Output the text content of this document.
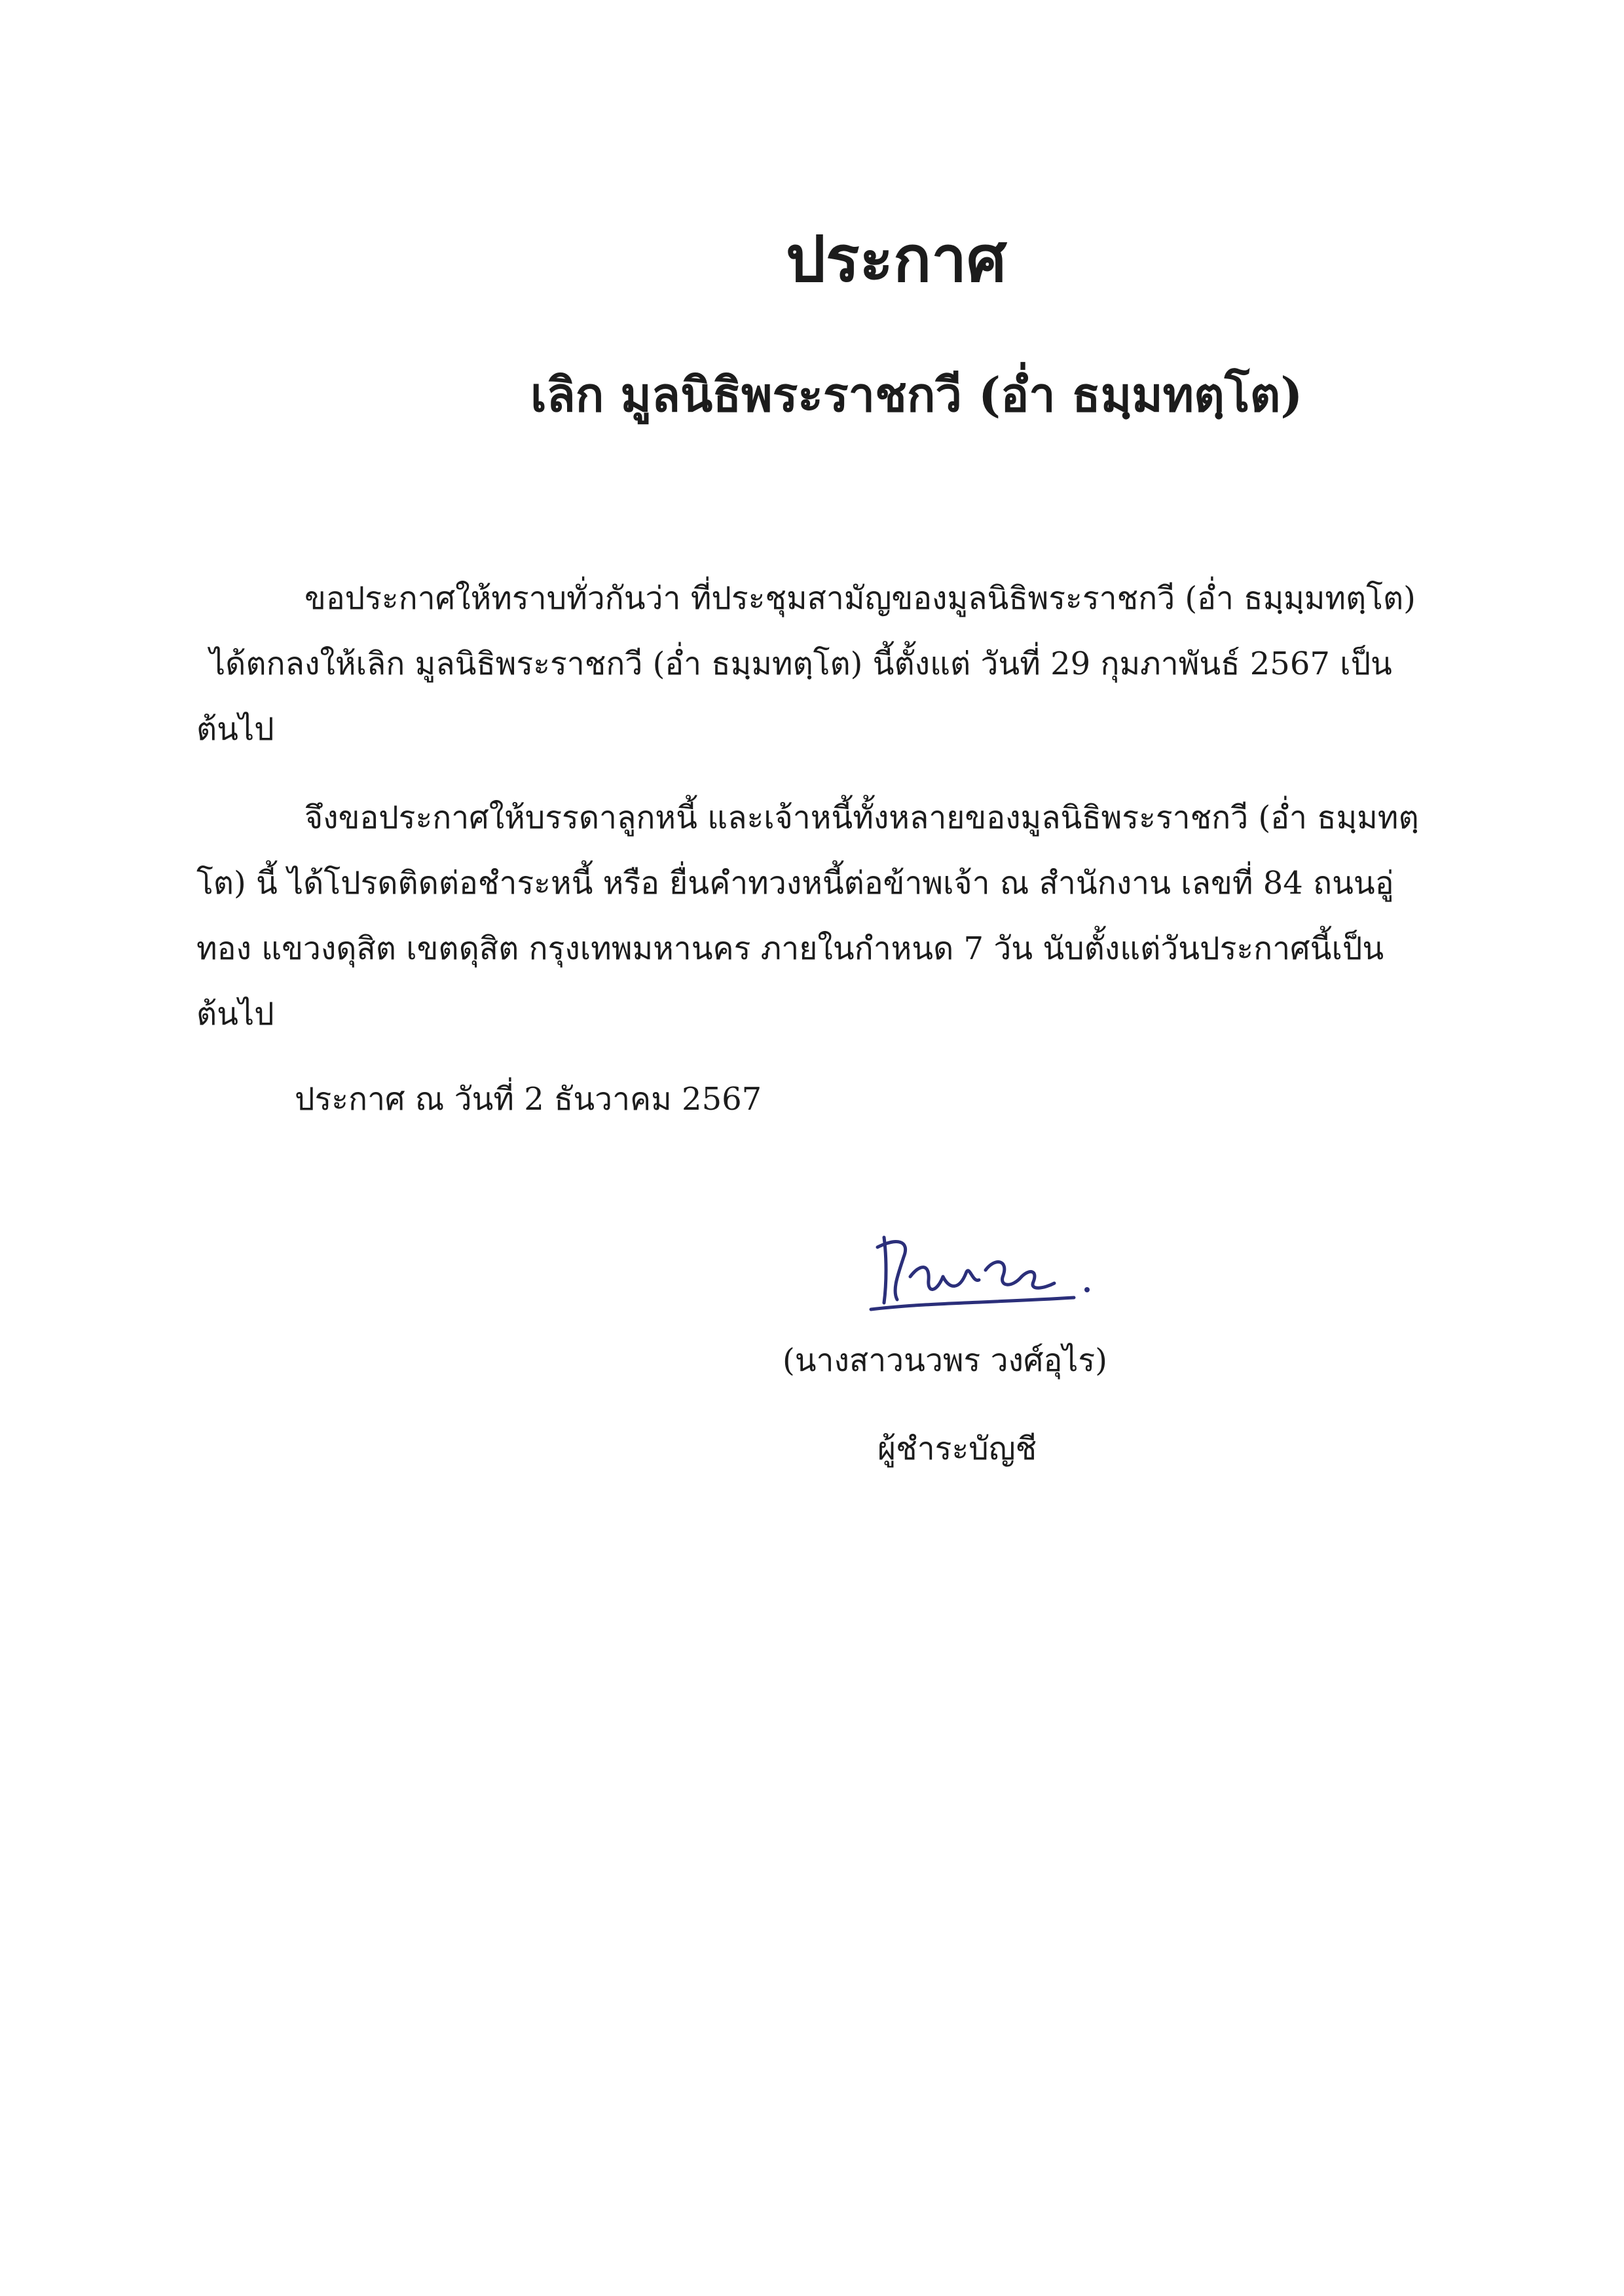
ประกาศ
เลิก มูลนิธิพระราชกวี (อ่ำ ธมฺมทตฺโต)
ขอประกาศให้ทราบทั่วกันว่า ที่ประชุมสามัญของมูลนิธิพระราชกวี (อ่ำ ธมฺมฺมทตฺโต)
ได้ตกลงให้เลิก มูลนิธิพระราชกวี (อ่ำ ธมฺมทตฺโต) นี้ตั้งแต่ วันที่ 29 กุมภาพันธ์ 2567 เป็น
ต้นไป
จึงขอประกาศให้บรรดาลูกหนี้ และเจ้าหนี้ทั้งหลายของมูลนิธิพระราชกวี (อ่ำ ธมฺมทตฺ
โต) นี้ ได้โปรดติดต่อชำระหนี้ หรือ ยื่นคำทวงหนี้ต่อข้าพเจ้า ณ สำนักงาน เลขที่ 84 ถนนอู่
ทอง แขวงดุสิต เขตดุสิต กรุงเทพมหานคร ภายในกำหนด 7 วัน นับตั้งแต่วันประกาศนี้เป็น
ต้นไป
ประกาศ ณ วันที่ 2 ธันวาคม 2567
(นางสาวนวพร วงศ์อุไร)
ผู้ชำระบัญชี
